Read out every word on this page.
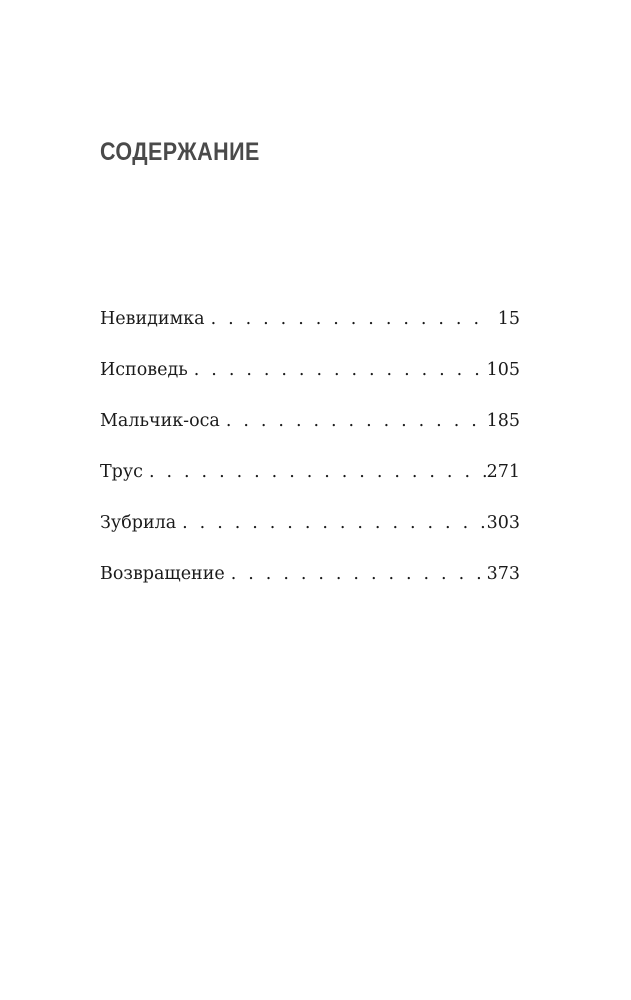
СОДЕРЖАНИЕ
Невидимка . . .	15
Исповедь . . .	105
Мальчик-оса . . .	185
Трус . . .	271
Зубрила . . .	303
Возвращение . . .	373
